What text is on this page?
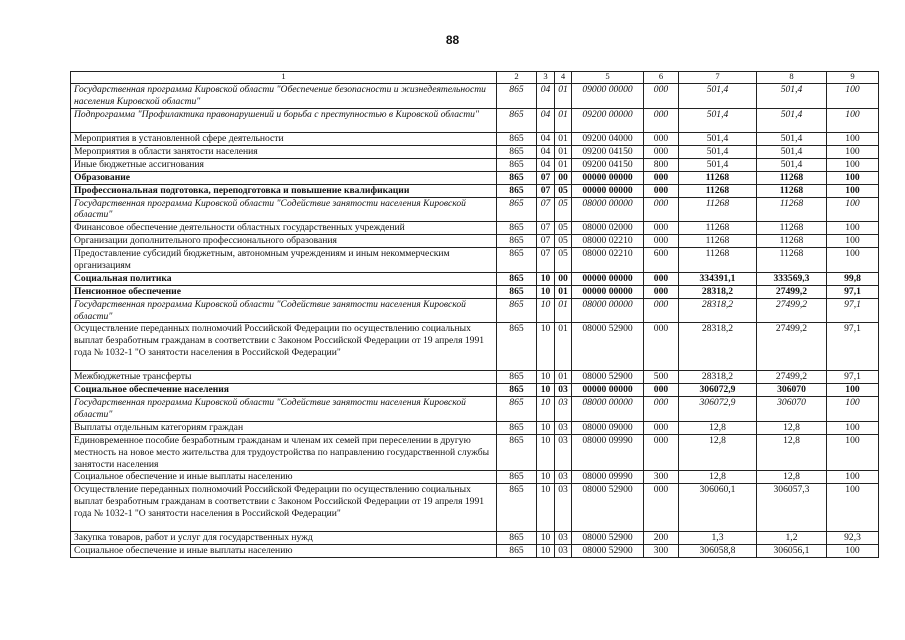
88
1	2	3	4	5	6	7	8	9
Государственная программа Кировской области "Обеспечение безопасности и жизнедеятельности населения Кировской области"	865	04	01	09000 00000	000	501,4	501,4	100
Подпрограмма "Профилактика правонарушений и борьба с преступностью в Кировской области"	865	04	01	09200 00000	000	501,4	501,4	100
Мероприятия в установленной сфере деятельности	865	04	01	09200 04000	000	501,4	501,4	100
Мероприятия в области занятости населения	865	04	01	09200 04150	000	501,4	501,4	100
Иные бюджетные ассигнования	865	04	01	09200 04150	800	501,4	501,4	100
Образование	865	07	00	00000 00000	000	11268	11268	100
Профессиональная подготовка, переподготовка и повышение квалификации	865	07	05	00000 00000	000	11268	11268	100
Государственная программа Кировской области "Содействие занятости населения Кировской области"	865	07	05	08000 00000	000	11268	11268	100
Финансовое обеспечение деятельности областных государственных учреждений	865	07	05	08000 02000	000	11268	11268	100
Организации дополнительного профессионального образования	865	07	05	08000 02210	000	11268	11268	100
Предоставление субсидий бюджетным, автономным учреждениям и иным некоммерческим организациям	865	07	05	08000 02210	600	11268	11268	100
Социальная политика	865	10	00	00000 00000	000	334391,1	333569,3	99,8
Пенсионное обеспечение	865	10	01	00000 00000	000	28318,2	27499,2	97,1
Государственная программа Кировской области "Содействие занятости населения Кировской области"	865	10	01	08000 00000	000	28318,2	27499,2	97,1
Осуществление переданных полномочий Российской Федерации по осуществлению социальных выплат безработным гражданам в соответствии с Законом Российской Федерации от 19 апреля 1991 года № 1032-1 "О занятости населения в Российской Федерации"	865	10	01	08000 52900	000	28318,2	27499,2	97,1
Межбюджетные трансферты	865	10	01	08000 52900	500	28318,2	27499,2	97,1
Социальное обеспечение населения	865	10	03	00000 00000	000	306072,9	306070	100
Государственная программа Кировской области "Содействие занятости населения Кировской области"	865	10	03	08000 00000	000	306072,9	306070	100
Выплаты отдельным категориям граждан	865	10	03	08000 09000	000	12,8	12,8	100
Единовременное пособие безработным гражданам и членам их семей при переселении в другую местность на новое место жительства для трудоустройства по направлению государственной службы занятости населения	865	10	03	08000 09990	000	12,8	12,8	100
Социальное обеспечение и иные выплаты населению	865	10	03	08000 09990	300	12,8	12,8	100
Осуществление переданных полномочий Российской Федерации по осуществлению социальных выплат безработным гражданам в соответствии с Законом Российской Федерации от 19 апреля 1991 года № 1032-1 "О занятости населения в Российской Федерации"	865	10	03	08000 52900	000	306060,1	306057,3	100
Закупка товаров, работ и услуг для государственных нужд	865	10	03	08000 52900	200	1,3	1,2	92,3
Социальное обеспечение и иные выплаты населению	865	10	03	08000 52900	300	306058,8	306056,1	100
